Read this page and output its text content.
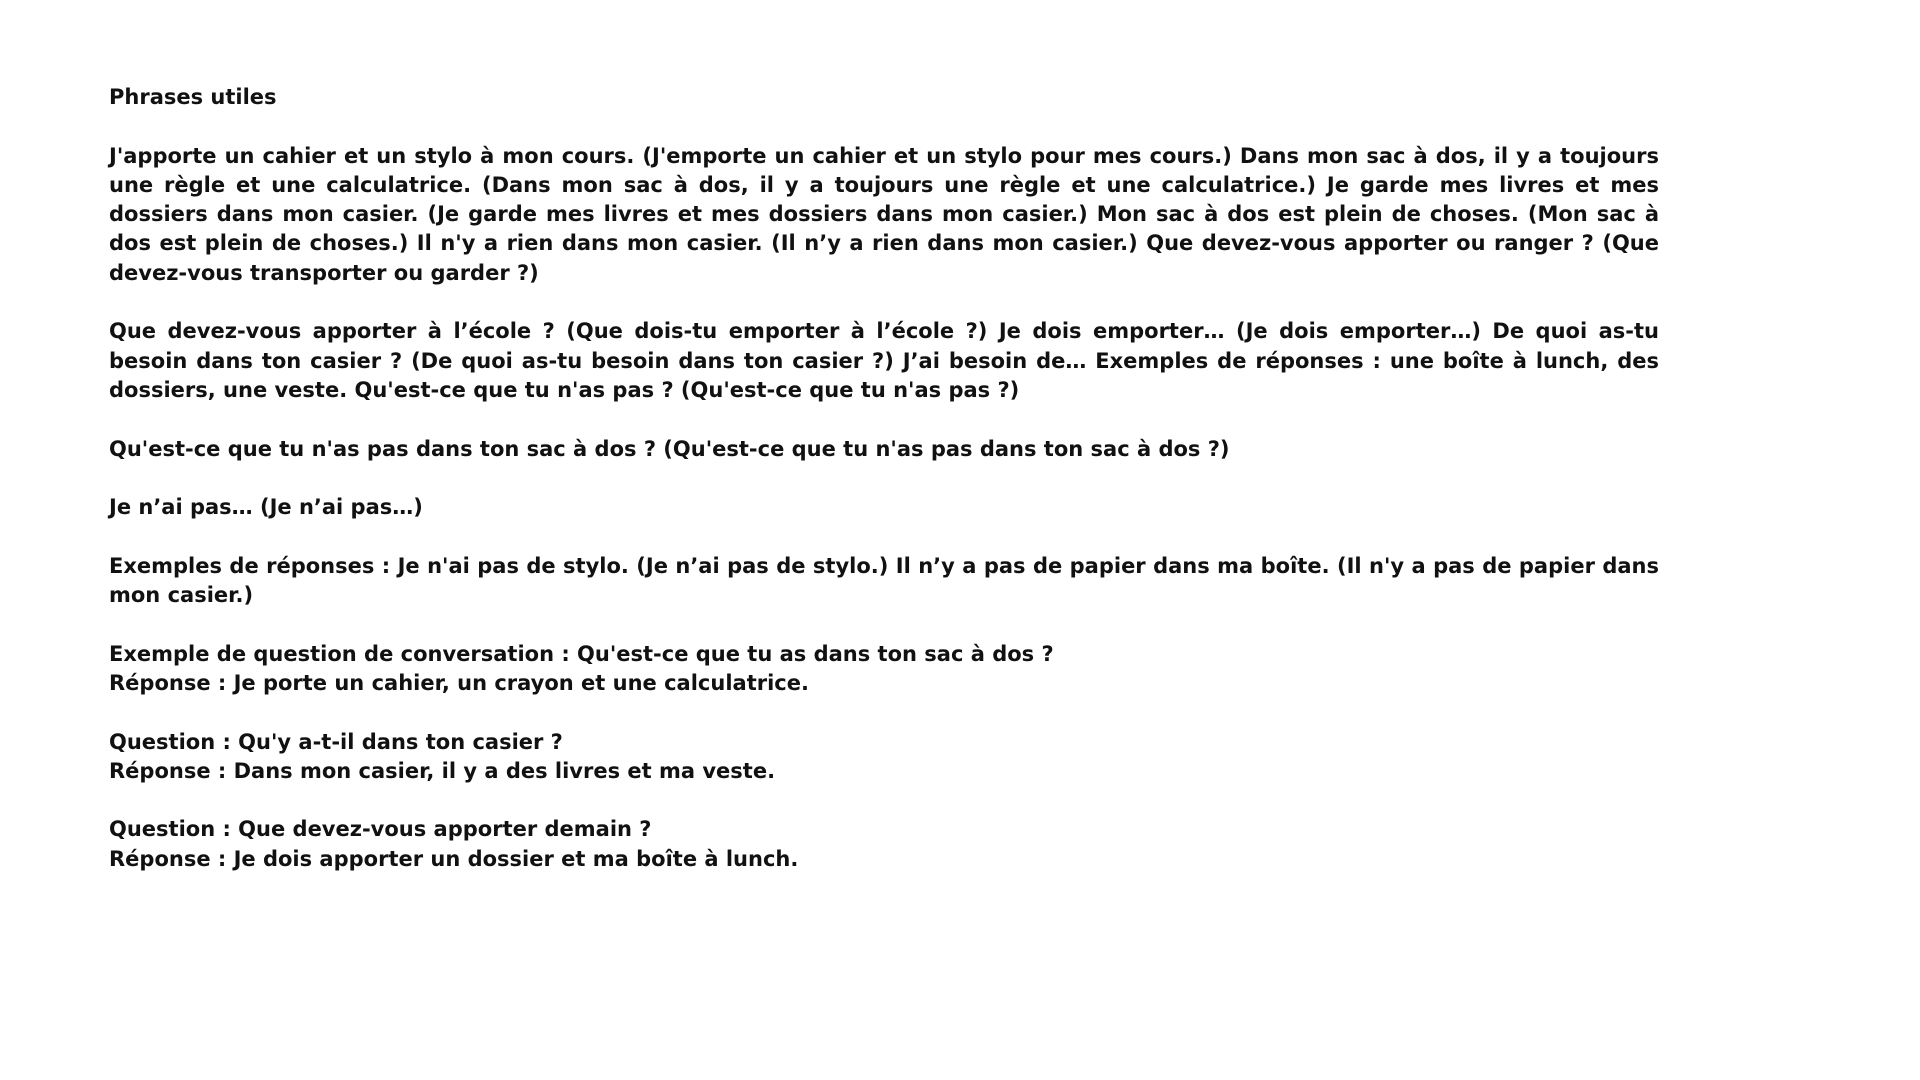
Phrases utiles
J'apporte un cahier et un stylo à mon cours. (J'emporte un cahier et un stylo pour mes cours.) Dans mon sac à dos, il y a toujours une règle et une calculatrice. (Dans mon sac à dos, il y a toujours une règle et une calculatrice.) Je garde mes livres et mes dossiers dans mon casier. (Je garde mes livres et mes dossiers dans mon casier.) Mon sac à dos est plein de choses. (Mon sac à dos est plein de choses.) Il n'y a rien dans mon casier. (Il n’y a rien dans mon casier.) Que devez-vous apporter ou ranger ? (Que devez-vous transporter ou garder ?)
Que devez-vous apporter à l’école ? (Que dois-tu emporter à l’école ?) Je dois emporter… (Je dois emporter…) De quoi as-tu besoin dans ton casier ? (De quoi as-tu besoin dans ton casier ?) J’ai besoin de… Exemples de réponses : une boîte à lunch, des dossiers, une veste. Qu'est-ce que tu n'as pas ? (Qu'est-ce que tu n'as pas ?)
Qu'est-ce que tu n'as pas dans ton sac à dos ? (Qu'est-ce que tu n'as pas dans ton sac à dos ?)
Je n’ai pas… (Je n’ai pas…)
Exemples de réponses : Je n'ai pas de stylo. (Je n’ai pas de stylo.) Il n’y a pas de papier dans ma boîte. (Il n'y a pas de papier dans mon casier.)
Exemple de question de conversation : Qu'est-ce que tu as dans ton sac à dos ?
Réponse : Je porte un cahier, un crayon et une calculatrice.
Question : Qu'y a-t-il dans ton casier ?
Réponse : Dans mon casier, il y a des livres et ma veste.
Question : Que devez-vous apporter demain ?
Réponse : Je dois apporter un dossier et ma boîte à lunch.
